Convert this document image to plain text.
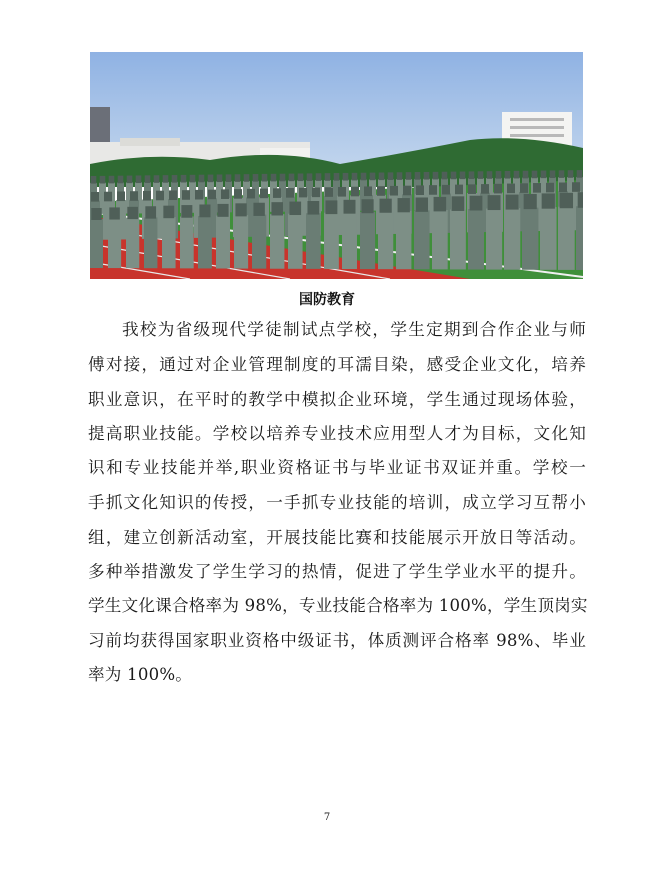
国防教育
我校为省级现代学徒制试点学校，学生定期到合作企业与师
傅对接，通过对企业管理制度的耳濡目染，感受企业文化，培养
职业意识，在平时的教学中模拟企业环境，学生通过现场体验，
提高职业技能。学校以培养专业技术应用型人才为目标，文化知
识和专业技能并举,职业资格证书与毕业证书双证并重。学校一
手抓文化知识的传授，一手抓专业技能的培训，成立学习互帮小
组，建立创新活动室，开展技能比赛和技能展示开放日等活动。
多种举措激发了学生学习的热情，促进了学生学业水平的提升。
学生文化课合格率为 98%，专业技能合格率为 100%，学生顶岗实
习前均获得国家职业资格中级证书，体质测评合格率 98%、毕业
率为 100%。
7
